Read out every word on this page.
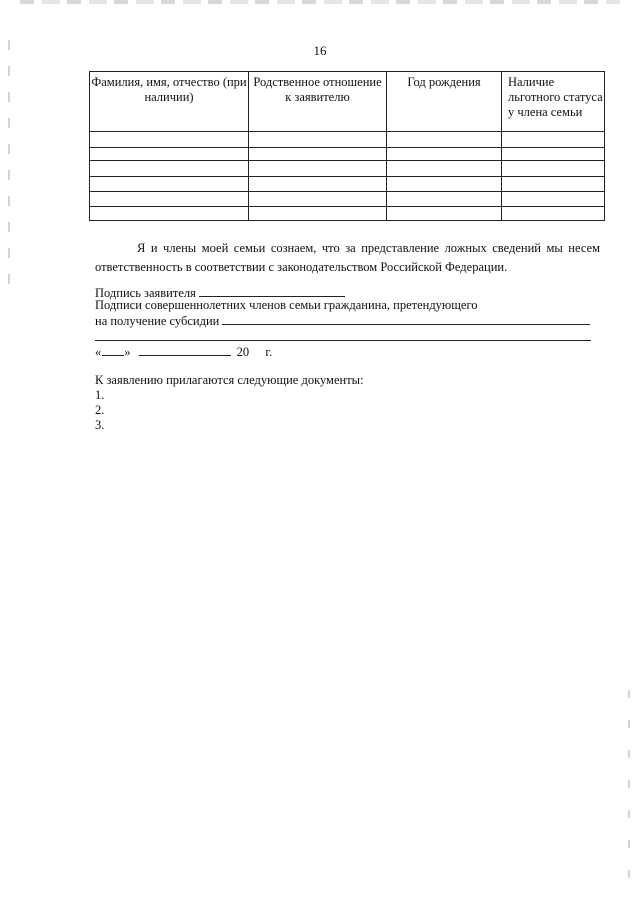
16
Фамилия, имя, отчество (при наличии)	Родственное отношение к заявителю	Год рождения	Наличие льготного статуса у члена семьи

Я и члены моей семьи сознаем, что за представление ложных сведений мы несем ответственность в соответствии с законодательством Российской Федерации.

Подпись заявителя
Подписи совершеннолетних членов семьи гражданина, претендующего
на получение субсидии
« »	20 г.
К заявлению прилагаются следующие документы:
1.
2.
3.
